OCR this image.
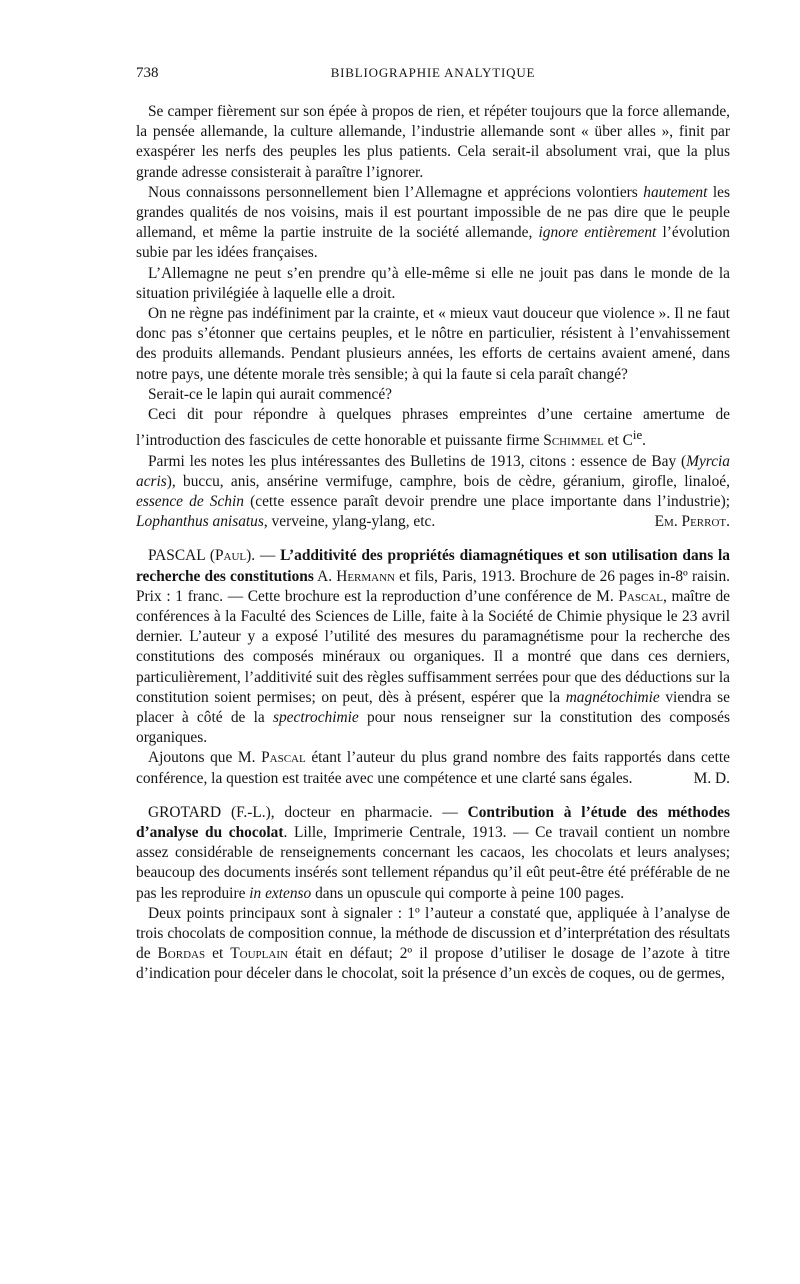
738	BIBLIOGRAPHIE ANALYTIQUE

Se camper fièrement sur son épée à propos de rien, et répéter toujours que la force allemande, la pensée allemande, la culture allemande, l’industrie allemande sont « über alles », finit par exaspérer les nerfs des peuples les plus patients. Cela serait-il absolument vrai, que la plus grande adresse consisterait à paraître l’ignorer.

Nous connaissons personnellement bien l’Allemagne et apprécions volontiers hautement les grandes qualités de nos voisins, mais il est pourtant impossible de ne pas dire que le peuple allemand, et même la partie instruite de la société allemande, ignore entièrement l’évolution subie par les idées françaises.

L’Allemagne ne peut s’en prendre qu’à elle-même si elle ne jouit pas dans le monde de la situation privilégiée à laquelle elle a droit.

On ne règne pas indéfiniment par la crainte, et « mieux vaut douceur que violence ». Il ne faut donc pas s’étonner que certains peuples, et le nôtre en particulier, résistent à l’envahissement des produits allemands. Pendant plusieurs années, les efforts de certains avaient amené, dans notre pays, une détente morale très sensible; à qui la faute si cela paraît changé?

Serait-ce le lapin qui aurait commencé?

Ceci dit pour répondre à quelques phrases empreintes d’une certaine amertume de l’introduction des fascicules de cette honorable et puissante firme Schimmel et $C^{ie}$.

Parmi les notes les plus intéressantes des Bulletins de 1913, citons : essence de Bay (Myrcia acris), buccu, anis, ansérine vermifuge, camphre, bois de cèdre, géranium, girofle, linaloé, essence de Schin (cette essence paraît devoir prendre une place importante dans l’industrie); Lophanthus anisatus, verveine, ylang-ylang, etc.	Em. Perrot.

PASCAL (Paul). — L’additivité des propriétés diamagnétiques et son utilisation dans la recherche des constitutions A. Hermann et fils, Paris, 1913. Brochure de 26 pages in-8º raisin. Prix : 1 franc. — Cette brochure est la reproduction d’une conférence de M. Pascal, maître de conférences à la Faculté des Sciences de Lille, faite à la Société de Chimie physique le 23 avril dernier. L’auteur y a exposé l’utilité des mesures du paramagnétisme pour la recherche des constitutions des composés minéraux ou organiques. Il a montré que dans ces derniers, particulièrement, l’additivité suit des règles suffisamment serrées pour que des déductions sur la constitution soient permises; on peut, dès à présent, espérer que la magnétochimie viendra se placer à côté de la spectrochimie pour nous renseigner sur la constitution des composés organiques.

Ajoutons que M. Pascal étant l’auteur du plus grand nombre des faits rapportés dans cette conférence, la question est traitée avec une compétence et une clarté sans égales.	M. D.

GROTARD (F.-L.), docteur en pharmacie. — Contribution à l’étude des méthodes d’analyse du chocolat. Lille, Imprimerie Centrale, 1913. — Ce travail contient un nombre assez considérable de renseignements concernant les cacaos, les chocolats et leurs analyses; beaucoup des documents insérés sont tellement répandus qu’il eût peut-être été préférable de ne pas les reproduire in extenso dans un opuscule qui comporte à peine 100 pages.

Deux points principaux sont à signaler : 1º l’auteur a constaté que, appliquée à l’analyse de trois chocolats de composition connue, la méthode de discussion et d’interprétation des résultats de Bordas et Touplain était en défaut; 2º il propose d’utiliser le dosage de l’azote à titre d’indication pour déceler dans le chocolat, soit la présence d’un excès de coques, ou de germes,
